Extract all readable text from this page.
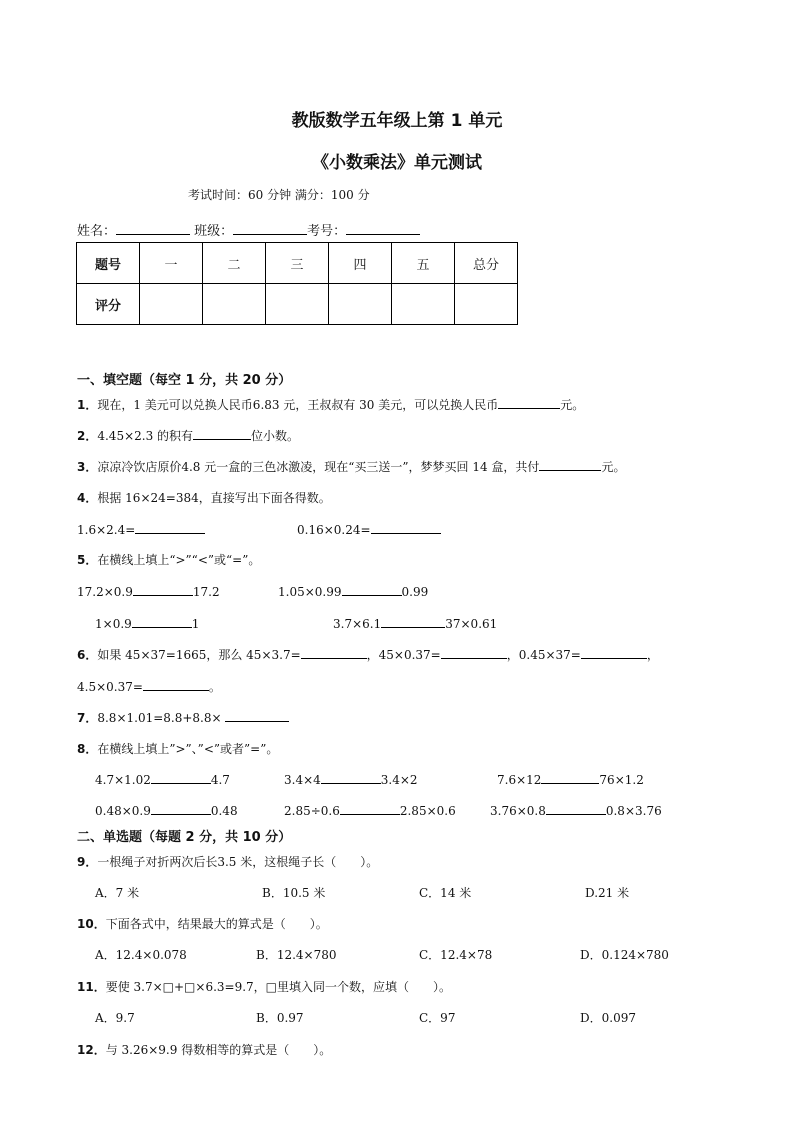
教版数学五年级上第 1 单元
《小数乘法》单元测试
考试时间：60 分钟 满分：100 分
姓名：	班级：	考号：
题号	一	二	三	四	五	总分
评分						
一、填空题（每空 1 分，共 20 分）
1．现在，1 美元可以兑换人民币6.83 元，王叔叔有 30 美元，可以兑换人民币	元。
2．4.45×2.3 的积有	位小数。
3．凉凉冷饮店原价4.8 元一盒的三色冰激凌，现在“买三送一”，梦梦买回 14 盒，共付	元。
4．根据 16×24=384，直接写出下面各得数。
1.6×2.4=	0.16×0.24=
5．在横线上填上“>”“<”或“=”。
17.2×0.9	17.2	1.05×0.99	0.99
1×0.9	1	3.7×6.1	37×0.61
6．如果 45×37=1665，那么 45×3.7=	，45×0.37=	，0.45×37=	，
4.5×0.37=	。
7．8.8×1.01=8.8+8.8×
8．在横线上填上”>”、”<”或者”=”。
4.7×1.02	4.7	3.4×4	3.4×2	7.6×12	76×1.2
0.48×0.9	0.48	2.85÷0.6	2.85×0.6	3.76×0.8	0.8×3.76
二、单选题（每题 2 分，共 10 分）
9．一根绳子对折两次后长3.5 米，这根绳子长（　　）。
A．7 米	B．10.5 米	C．14 米	D.21 米
10．下面各式中，结果最大的算式是（　　）。
A．12.4×0.078	B．12.4×780	C．12.4×78	D．0.124×780
11．要使 3.7×□+□×6.3=9.7，□里填入同一个数，应填（　　）。
A．9.7	B．0.97	C．97	D．0.097
12．与 3.26×9.9 得数相等的算式是（　　）。
